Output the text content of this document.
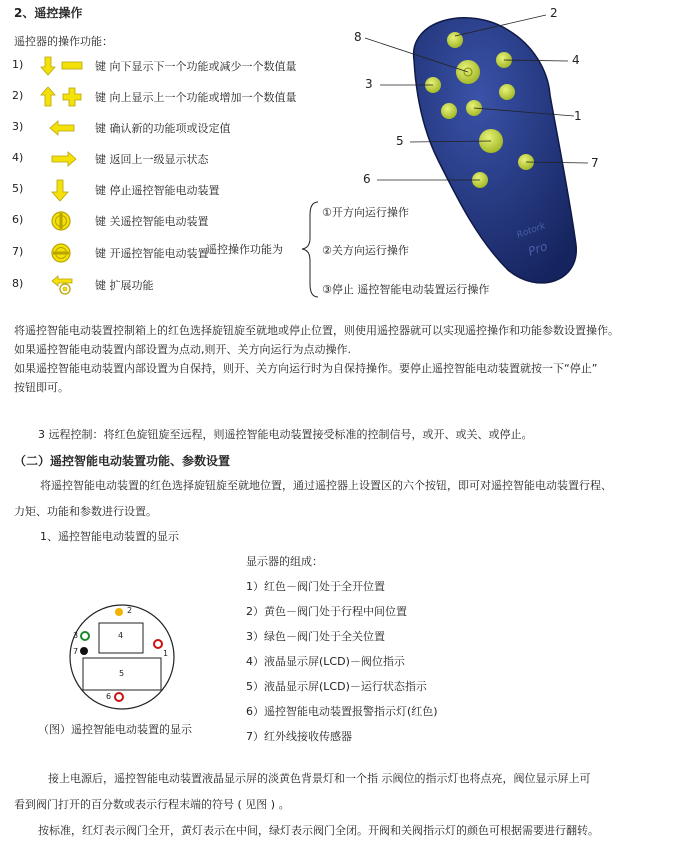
2、遥控操作
遥控器的操作功能：
1)	键 向下显示下一个功能或减少一个数值量
2)	键 向上显示上一个功能或增加一个数值量
3)	键 确认新的功能项或设定值
4)	键 返回上一级显示状态
5)	键 停止遥控智能电动装置
6)	键 关遥控智能电动装置
7)	键 开遥控智能电动装置
8)	键 扩展功能
Rotork
Pro
2
8
4
3
1
5
7
6
遥控操作功能为
①开方向运行操作
②关方向运行操作
③停止 遥控智能电动装置运行操作
将遥控智能电动装置控制箱上的红色选择旋钮旋至就地或停止位置，则使用遥控器就可以实现遥控操作和功能参数设置操作。
如果遥控智能电动装置内部设置为点动,则开、关方向运行为点动操作.
如果遥控智能电动装置内部设置为自保持，则开、关方向运行时为自保持操作。要停止遥控智能电动装置就按一下“停止”
按钮即可。
3 远程控制：将红色旋钮旋至远程，则遥控智能电动装置接受标准的控制信号，或开、或关、或停止。
（二）遥控智能电动装置功能、参数设置
将遥控智能电动装置的红色选择旋钮旋至就地位置，通过遥控器上设置区的六个按钮，即可对遥控智能电动装置行程、
力矩、功能和参数进行设置。
1、遥控智能电动装置的显示
显示器的组成：
1）红色－阀门处于全开位置
2）黄色－阀门处于行程中间位置
3）绿色－阀门处于全关位置
4）液晶显示屏(LCD)－阀位指示
5）液晶显示屏(LCD)－运行状态指示
6）遥控智能电动装置报警指示灯(红色)
7）红外线接收传感器
2
3	4
1
7
5
6
（图）遥控智能电动装置的显示
接上电源后，遥控智能电动装置液晶显示屏的淡黄色背景灯和一个指 示阀位的指示灯也将点亮，阀位显示屏上可
看到阀门打开的百分数或表示行程末端的符号 ( 见图 ) 。
按标准，红灯表示阀门全开，黄灯表示在中间，绿灯表示阀门全闭。开阀和关阀指示灯的颜色可根据需要进行翻转。
